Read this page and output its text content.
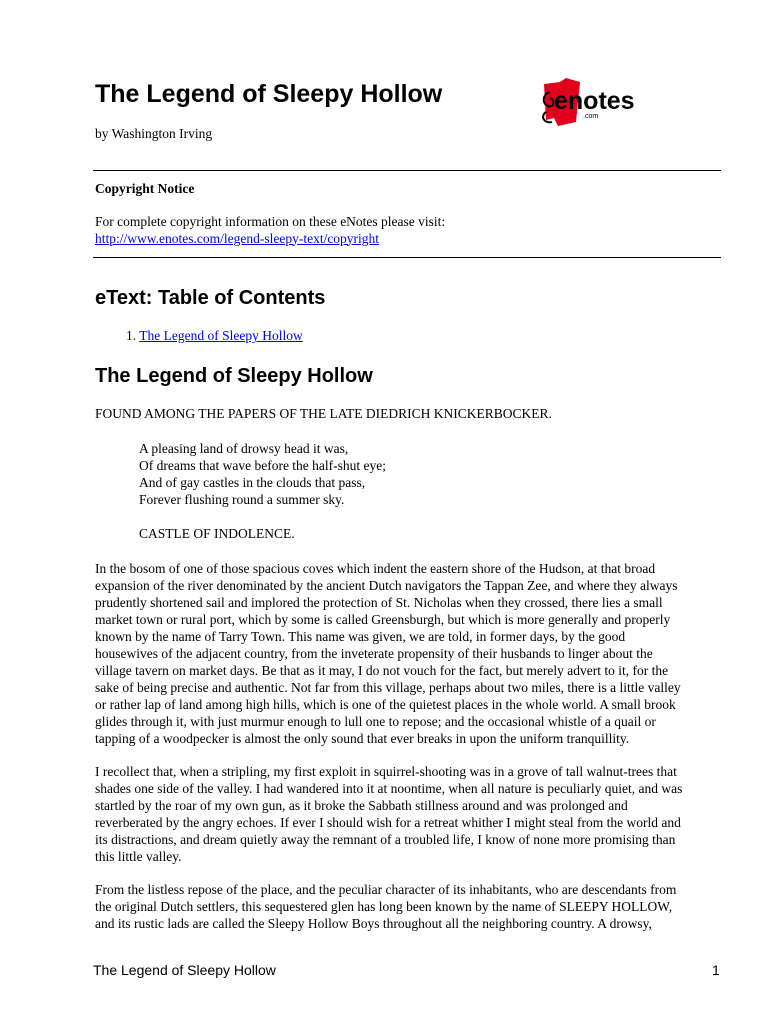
The Legend of Sleepy Hollow
by Washington Irving
enotes
.com
Copyright Notice
For complete copyright information on these eNotes please visit:
http://www.enotes.com/legend-sleepy-text/copyright
eText: Table of Contents
1. The Legend of Sleepy Hollow
The Legend of Sleepy Hollow
FOUND AMONG THE PAPERS OF THE LATE DIEDRICH KNICKERBOCKER.
A pleasing land of drowsy head it was,
Of dreams that wave before the half-shut eye;
And of gay castles in the clouds that pass,
Forever flushing round a summer sky.
CASTLE OF INDOLENCE.
In the bosom of one of those spacious coves which indent the eastern shore of the Hudson, at that broad
expansion of the river denominated by the ancient Dutch navigators the Tappan Zee, and where they always
prudently shortened sail and implored the protection of St. Nicholas when they crossed, there lies a small
market town or rural port, which by some is called Greensburgh, but which is more generally and properly
known by the name of Tarry Town. This name was given, we are told, in former days, by the good
housewives of the adjacent country, from the inveterate propensity of their husbands to linger about the
village tavern on market days. Be that as it may, I do not vouch for the fact, but merely advert to it, for the
sake of being precise and authentic. Not far from this village, perhaps about two miles, there is a little valley
or rather lap of land among high hills, which is one of the quietest places in the whole world. A small brook
glides through it, with just murmur enough to lull one to repose; and the occasional whistle of a quail or
tapping of a woodpecker is almost the only sound that ever breaks in upon the uniform tranquillity.
I recollect that, when a stripling, my first exploit in squirrel-shooting was in a grove of tall walnut-trees that
shades one side of the valley. I had wandered into it at noontime, when all nature is peculiarly quiet, and was
startled by the roar of my own gun, as it broke the Sabbath stillness around and was prolonged and
reverberated by the angry echoes. If ever I should wish for a retreat whither I might steal from the world and
its distractions, and dream quietly away the remnant of a troubled life, I know of none more promising than
this little valley.
From the listless repose of the place, and the peculiar character of its inhabitants, who are descendants from
the original Dutch settlers, this sequestered glen has long been known by the name of SLEEPY HOLLOW,
and its rustic lads are called the Sleepy Hollow Boys throughout all the neighboring country. A drowsy,
The Legend of Sleepy Hollow	1
